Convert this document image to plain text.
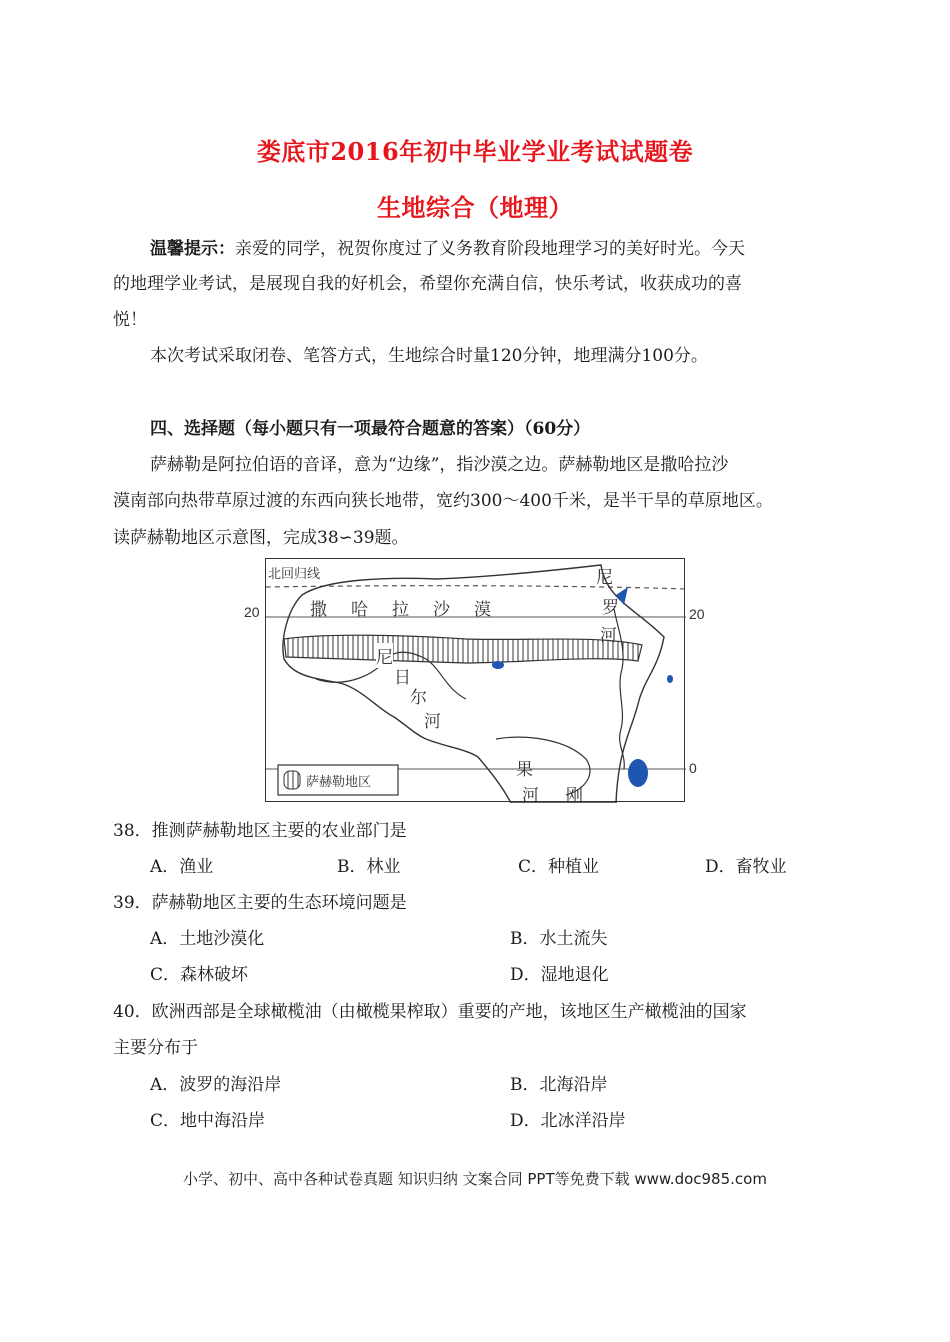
娄底市2016年初中毕业学业考试试题卷
生地综合（地理）
温馨提示：亲爱的同学，祝贺你度过了义务教育阶段地理学习的美好时光。今天
的地理学业考试，是展现自我的好机会，希望你充满自信，快乐考试，收获成功的喜
悦！
本次考试采取闭卷、笔答方式，生地综合时量120分钟，地理满分100分。
四、选择题（每小题只有一项最符合题意的答案）（60分）
萨赫勒是阿拉伯语的音译，意为“边缘”，指沙漠之边。萨赫勒地区是撒哈拉沙
漠南部向热带草原过渡的东西向狭长地带，宽约300～400千米，是半干旱的草原地区。
读萨赫勒地区示意图，完成38∽39题。
20	20
0
北回归线
撒哈拉沙漠
尼
罗
河
尼
日
尔
河
果
河 刚
萨赫勒地区
38．推测萨赫勒地区主要的农业部门是
A．渔业	B．林业	C．种植业	D．畜牧业
39．萨赫勒地区主要的生态环境问题是
A．土地沙漠化	B．水土流失
C．森林破坏	D．湿地退化
40．欧洲西部是全球橄榄油（由橄榄果榨取）重要的产地，该地区生产橄榄油的国家
主要分布于
A．波罗的海沿岸	B．北海沿岸
C．地中海沿岸	D．北冰洋沿岸
小学、初中、高中各种试卷真题 知识归纳 文案合同 PPT等免费下载 www.doc985.com
